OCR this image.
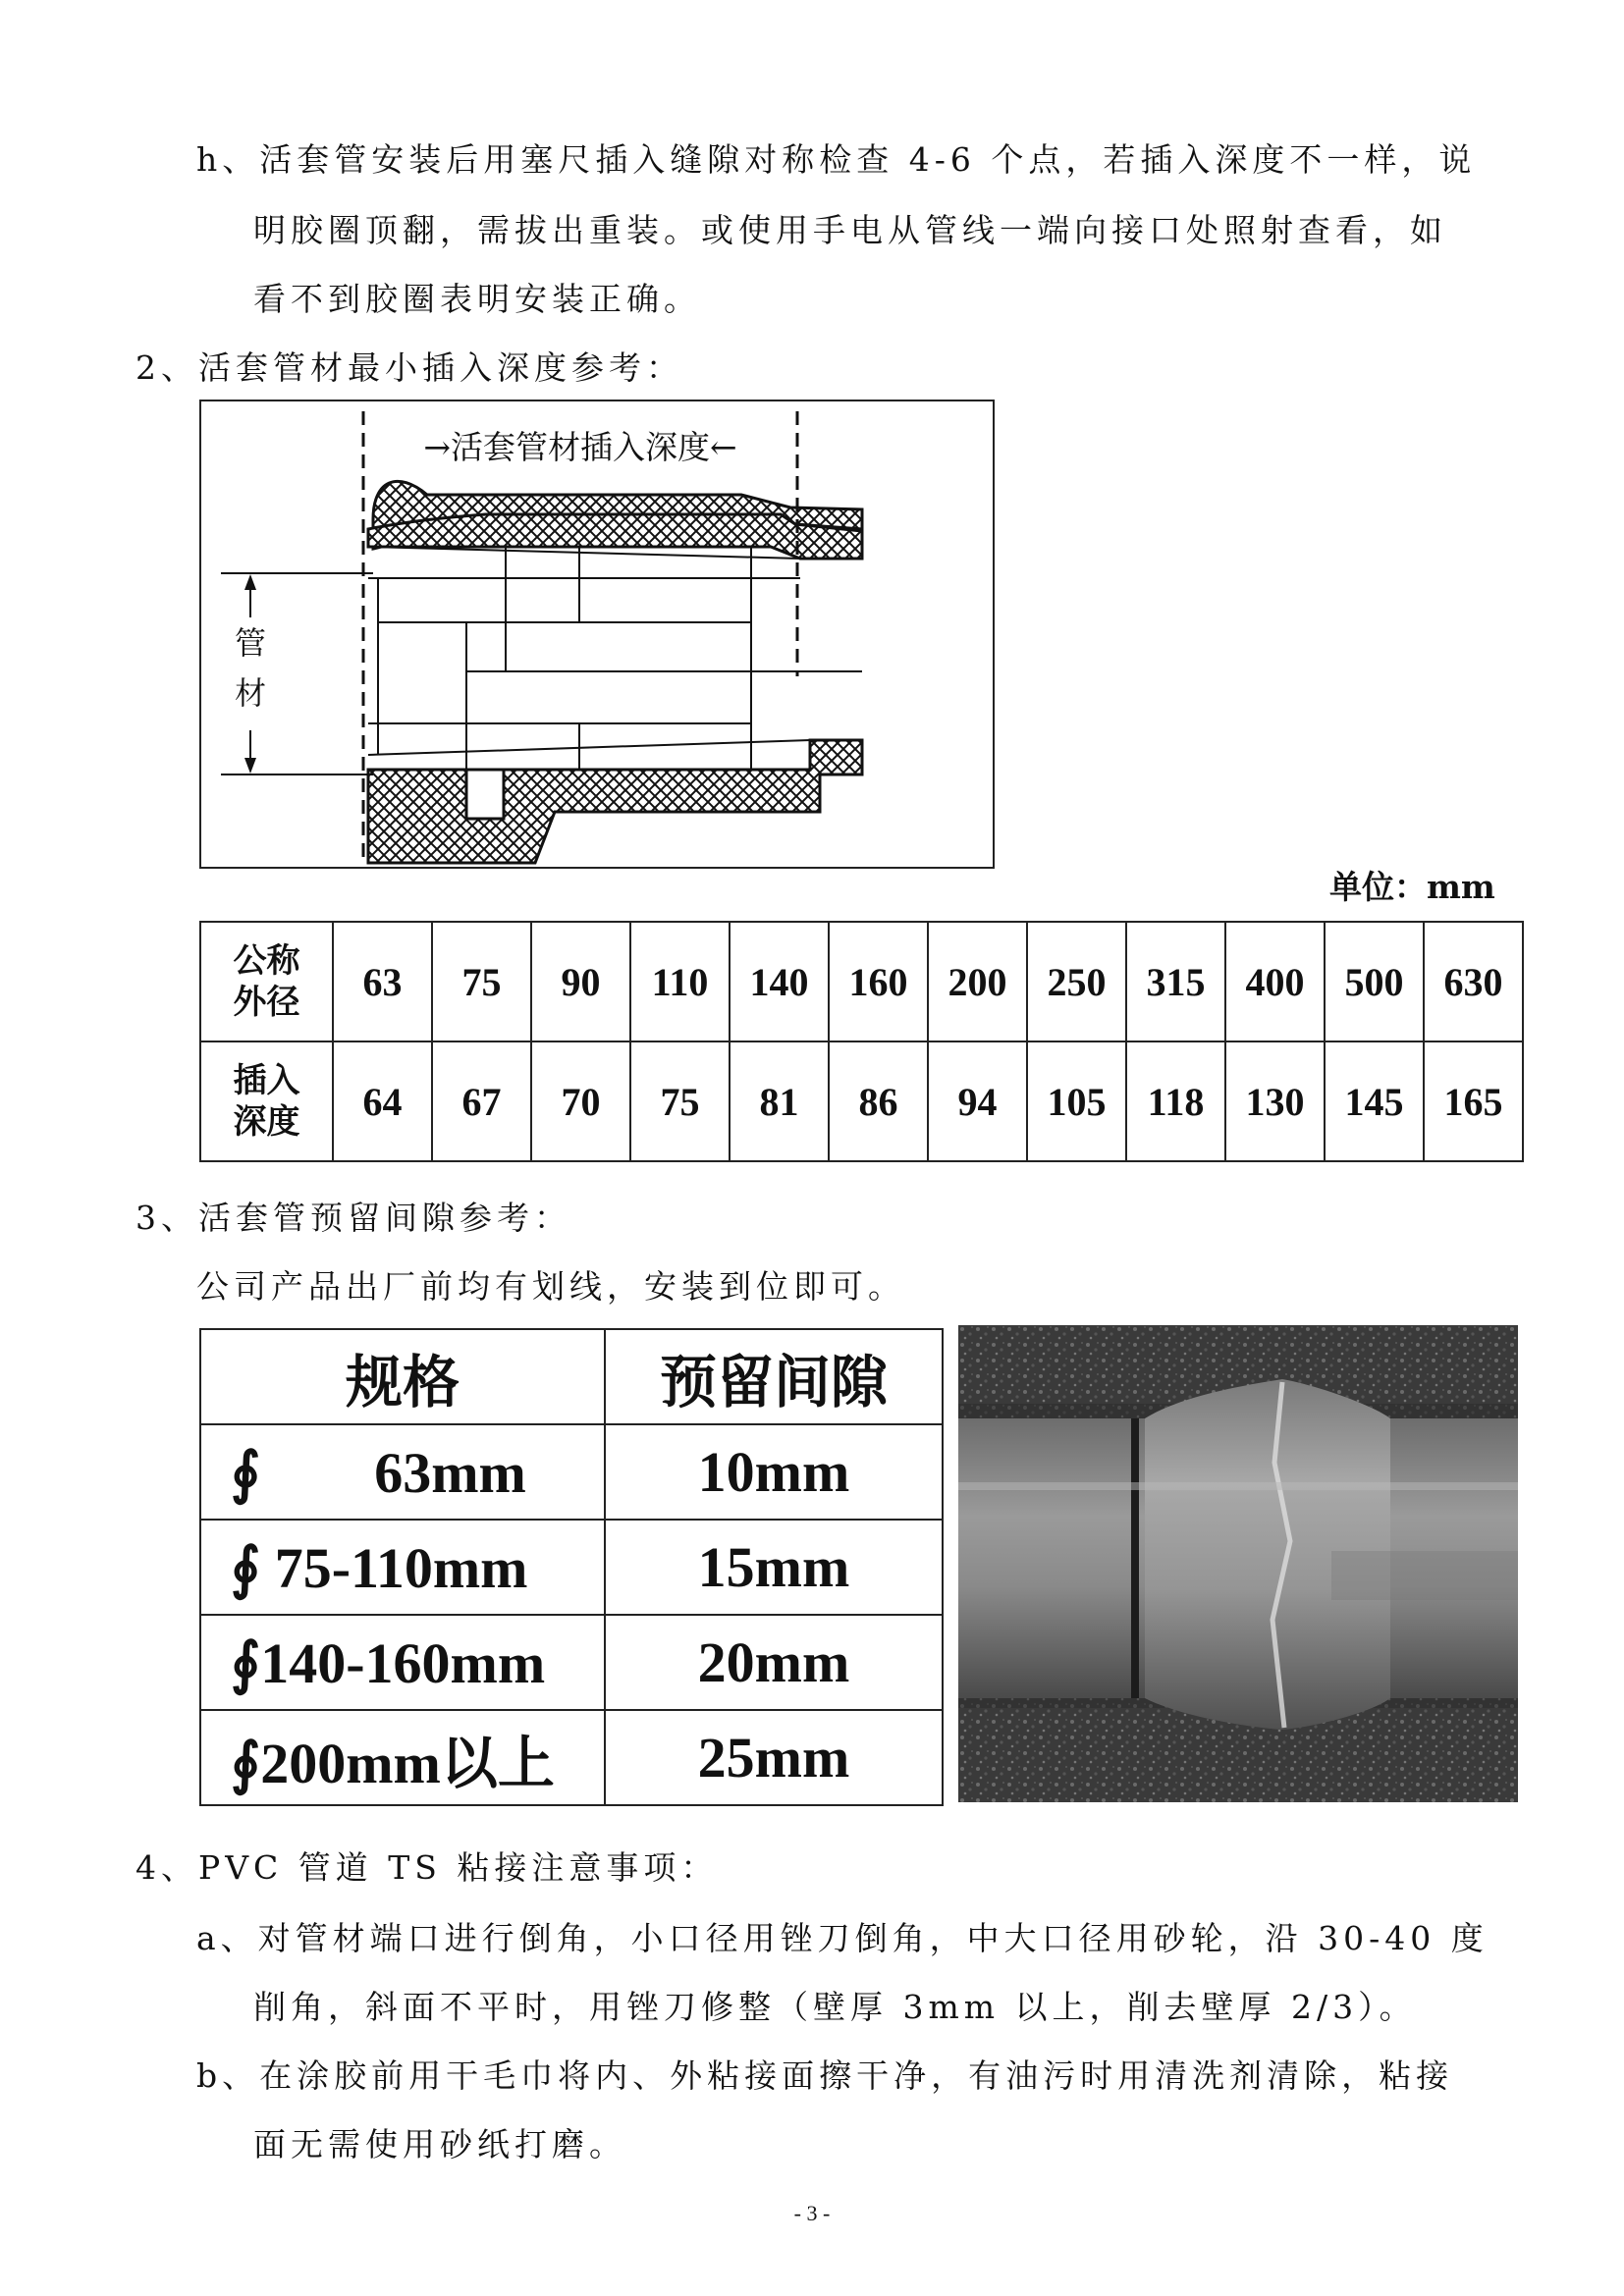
h、活套管安装后用塞尺插入缝隙对称检查 4-6 个点，若插入深度不一样，说
明胶圈顶翻，需拔出重装。或使用手电从管线一端向接口处照射查看，如
看不到胶圈表明安装正确。
2、活套管材最小插入深度参考：
管
材
→活套管材插入深度←
单位：mm
公称
外径	63	75	90	110	140	160	200	250	315	400	500	630
插入
深度	64	67	70	75	81	86	94	105	118	130	145	165
3、活套管预留间隙参考：
公司产品出厂前均有划线，安装到位即可。
规格	预留间隙
∮        63mm	10mm
∮ 75-110mm	15mm
∮140-160mm	20mm
∮200mm以上	25mm
4、PVC 管道 TS 粘接注意事项：
a、对管材端口进行倒角，小口径用锉刀倒角，中大口径用砂轮，沿 30-40 度
削角，斜面不平时，用锉刀修整（壁厚 3mm 以上，削去壁厚 2/3）。
b、在涂胶前用干毛巾将内、外粘接面擦干净，有油污时用清洗剂清除，粘接
面无需使用砂纸打磨。
- 3 -
